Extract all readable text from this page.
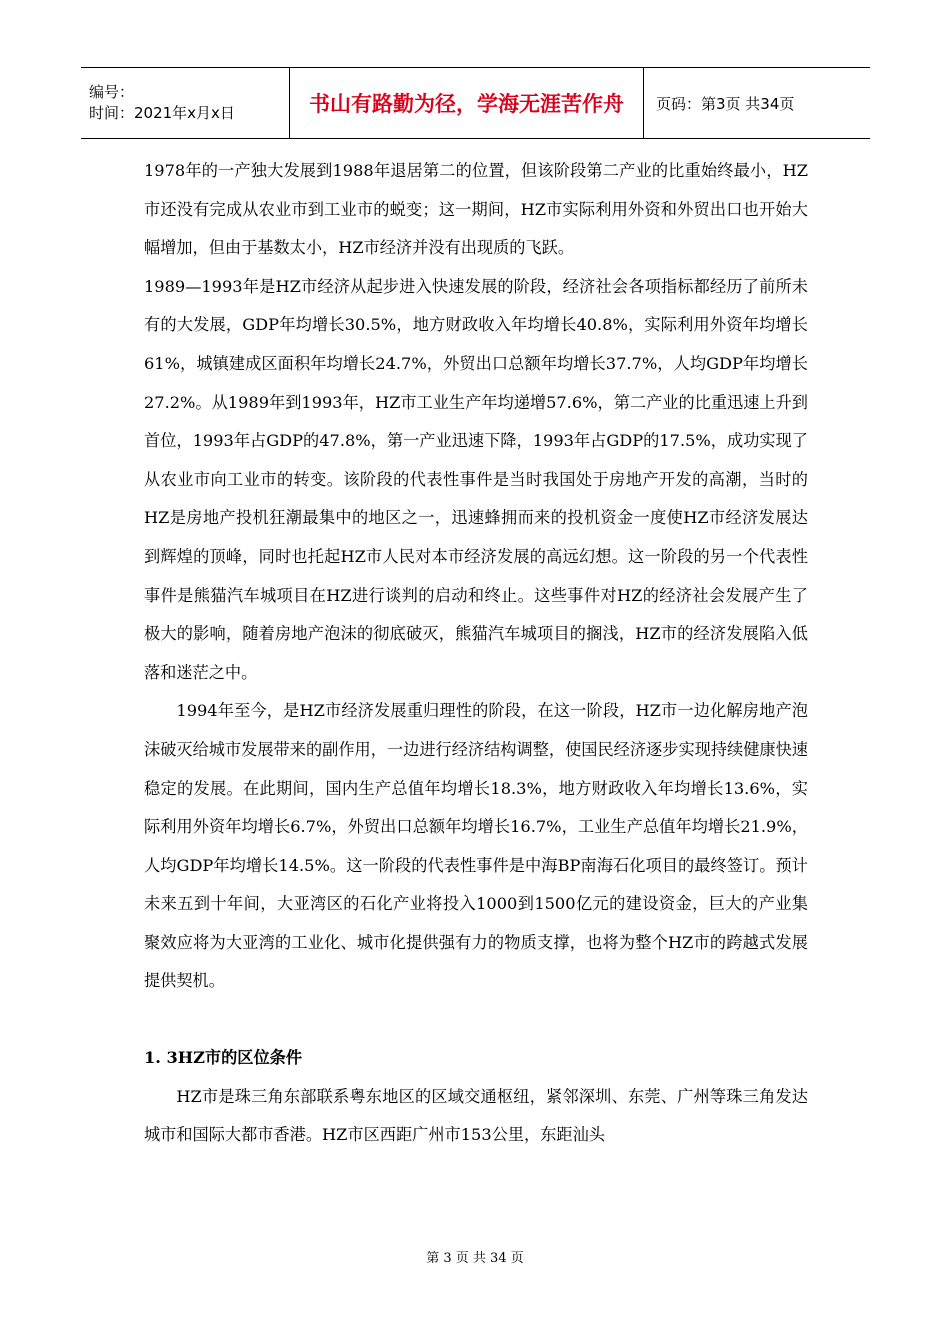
编号：
时间：2021年x月x日	书山有路勤为径，学海无涯苦作舟	页码：第3页 共34页

1978年的一产独大发展到1988年退居第二的位置，但该阶段第二产业的比重始终最小，HZ市还没有完成从农业市到工业市的蜕变；这一期间，HZ市实际利用外资和外贸出口也开始大幅增加，但由于基数太小，HZ市经济并没有出现质的飞跃。

1989—1993年是HZ市经济从起步进入快速发展的阶段，经济社会各项指标都经历了前所未有的大发展，GDP年均增长30.5%，地方财政收入年均增长40.8%，实际利用外资年均增长61%，城镇建成区面积年均增长24.7%，外贸出口总额年均增长37.7%，人均GDP年均增长27.2%。从1989年到1993年，HZ市工业生产年均递增57.6%，第二产业的比重迅速上升到首位，1993年占GDP的47.8%，第一产业迅速下降，1993年占GDP的17.5%，成功实现了从农业市向工业市的转变。该阶段的代表性事件是当时我国处于房地产开发的高潮，当时的HZ是房地产投机狂潮最集中的地区之一，迅速蜂拥而来的投机资金一度使HZ市经济发展达到辉煌的顶峰，同时也托起HZ市人民对本市经济发展的高远幻想。这一阶段的另一个代表性事件是熊猫汽车城项目在HZ进行谈判的启动和终止。这些事件对HZ的经济社会发展产生了极大的影响，随着房地产泡沫的彻底破灭，熊猫汽车城项目的搁浅，HZ市的经济发展陷入低落和迷茫之中。

1994年至今，是HZ市经济发展重归理性的阶段，在这一阶段，HZ市一边化解房地产泡沫破灭给城市发展带来的副作用，一边进行经济结构调整，使国民经济逐步实现持续健康快速稳定的发展。在此期间，国内生产总值年均增长18.3%，地方财政收入年均增长13.6%，实际利用外资年均增长6.7%，外贸出口总额年均增长16.7%，工业生产总值年均增长21.9%，人均GDP年均增长14.5%。这一阶段的代表性事件是中海BP南海石化项目的最终签订。预计未来五到十年间，大亚湾区的石化产业将投入1000到1500亿元的建设资金，巨大的产业集聚效应将为大亚湾的工业化、城市化提供强有力的物质支撑，也将为整个HZ市的跨越式发展提供契机。

1. 3HZ市的区位条件

HZ市是珠三角东部联系粤东地区的区域交通枢纽，紧邻深圳、东莞、广州等珠三角发达城市和国际大都市香港。HZ市区西距广州市153公里，东距汕头

第 3 页 共 34 页
